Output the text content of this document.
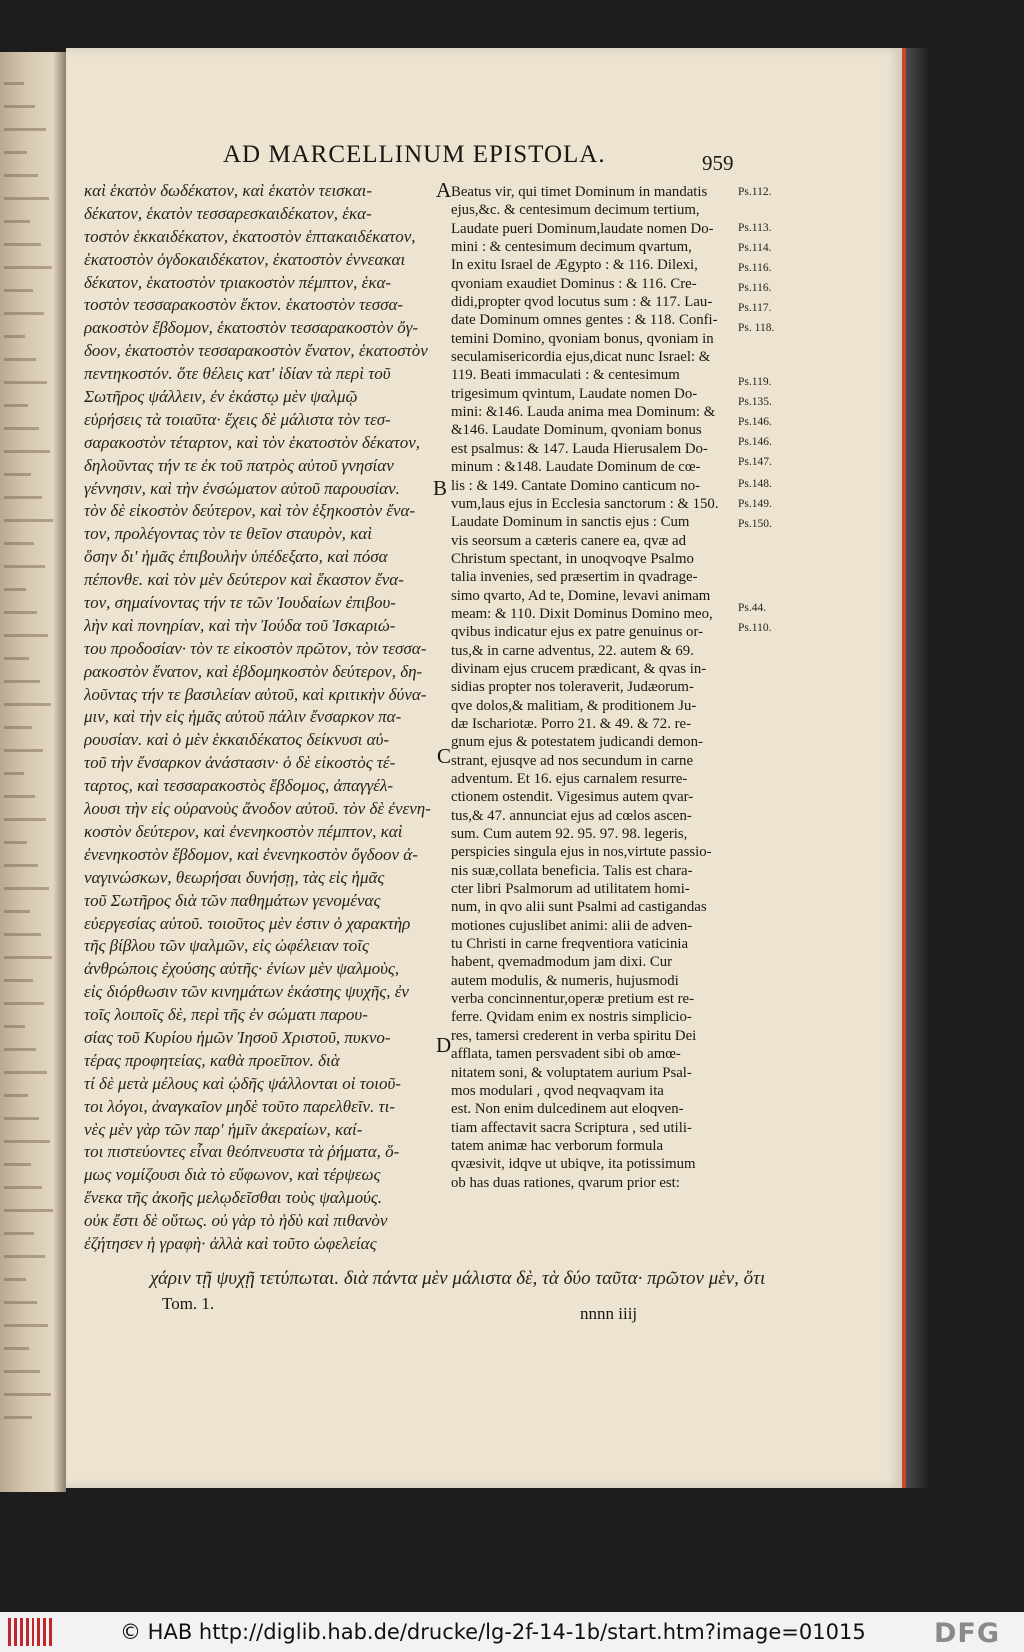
AD MARCELLINUM EPISTOLA.	959
καὶ ἑκατὸν δωδέκατον, καὶ ἑκατὸν τεισκαι-
δέκατον, ἑκατὸν τεσσαρεσκαιδέκατον, ἑκα-
τοστὸν ἑκκαιδέκατον, ἑκατοστὸν ἑπτακαιδέκατον,
ἑκατοστὸν ὀγδοκαιδέκατον, ἑκατοστὸν ἐννεακαι
δέκατον, ἑκατοστὸν τριακοστὸν πέμπτον, ἑκα-
τοστὸν τεσσαρακοστὸν ἕκτον. ἑκατοστὸν τεσσα-
ρακοστὸν ἕβδομον, ἑκατοστὸν τεσσαρακοστὸν ὄγ-
δοον, ἑκατοστὸν τεσσαρακοστὸν ἔνατον, ἑκατοστὸν
πεντηκοστόν. ὅτε θέλεις κατ' ἰδίαν τὰ περὶ τοῦ
Σωτῆρος ψάλλειν, ἐν ἑκάστῳ μὲν ψαλμῷ
εὑρήσεις τὰ τοιαῦτα· ἔχεις δὲ μάλιστα τὸν τεσ-
σαρακοστὸν τέταρτον, καὶ τὸν ἑκατοστὸν δέκατον,
δηλοῦντας τήν τε ἐκ τοῦ πατρὸς αὐτοῦ γνησίαν
γέννησιν, καὶ τὴν ἐνσώματον αὐτοῦ παρουσίαν.
τὸν δὲ εἰκοστὸν δεύτερον, καὶ τὸν ἑξηκοστὸν ἔνα-
τον, προλέγοντας τὸν τε θεῖον σταυρὸν, καὶ
ὅσην δι' ἡμᾶς ἐπιβουλὴν ὑπέδεξατο, καὶ πόσα
πέπονθε. καὶ τὸν μὲν δεύτερον καὶ ἕκαστον ἔνα-
τον, σημαίνοντας τήν τε τῶν Ἰουδαίων ἐπιβου-
λὴν καὶ πονηρίαν, καὶ τὴν Ἰούδα τοῦ Ἰσκαριώ-
του προδοσίαν· τὸν τε εἰκοστὸν πρῶτον, τὸν τεσσα-
ρακοστὸν ἔνατον, καὶ ἑβδομηκοστὸν δεύτερον, δη-
λοῦντας τήν τε βασιλείαν αὐτοῦ, καὶ κριτικὴν δύνα-
μιν, καὶ τὴν εἰς ἡμᾶς αὐτοῦ πάλιν ἔνσαρκον πα-
ρουσίαν. καὶ ὁ μὲν ἑκκαιδέκατος δείκνυσι αὐ-
τοῦ τὴν ἔνσαρκον ἀνάστασιν· ὁ δὲ εἰκοστὸς τέ-
ταρτος, καὶ τεσσαρακοστὸς ἕβδομος, ἀπαγγέλ-
λουσι τὴν εἰς οὐρανοὺς ἄνοδον αὐτοῦ. τὸν δὲ ἐνενη-
κοστὸν δεύτερον, καὶ ἐνενηκοστὸν πέμπτον, καὶ
ἐνενηκοστὸν ἕβδομον, καὶ ἐνενηκοστὸν ὄγδοον ἀ-
ναγινώσκων, θεωρήσαι δυνήσῃ, τὰς εἰς ἡμᾶς
τοῦ Σωτῆρος διὰ τῶν παθημάτων γενομένας
εὐεργεσίας αὐτοῦ. τοιοῦτος μὲν ἐστιν ὁ χαρακτὴρ
τῆς βίβλου τῶν ψαλμῶν, εἰς ὠφέλειαν τοῖς
ἀνθρώποις ἐχούσης αὐτῆς· ἐνίων μὲν ψαλμοὺς,
εἰς διόρθωσιν τῶν κινημάτων ἑκάστης ψυχῆς, ἐν
τοῖς λοιποῖς δὲ, περὶ τῆς ἐν σώματι παρου-
σίας τοῦ Κυρίου ἡμῶν Ἰησοῦ Χριστοῦ, πυκνο-
τέρας προφητείας, καθὰ προεῖπον. διὰ
τί δὲ μετὰ μέλους καὶ ᾠδῆς ψάλλονται οἱ τοιοῦ-
τοι λόγοι, ἀναγκαῖον μηδὲ τοῦτο παρελθεῖν. τι-
νὲς μὲν γὰρ τῶν παρ' ἡμῖν ἀκεραίων, καί-
τοι πιστεύοντες εἶναι θεόπνευστα τὰ ῥήματα, ὅ-
μως νομίζουσι διὰ τὸ εὔφωνον, καὶ τέρψεως
ἕνεκα τῆς ἀκοῆς μελῳδεῖσθαι τοὺς ψαλμούς.
οὐκ ἔστι δὲ οὕτως. οὐ γὰρ τὸ ἡδὺ καὶ πιθανὸν
ἐζήτησεν ἡ γραφὴ· ἀλλὰ καὶ τοῦτο ὠφελείας
Beatus vir, qui timet Dominum in mandatis
ejus,&c. & centesimum decimum tertium,
Laudate pueri Dominum,laudate nomen Do-
mini : & centesimum decimum qvartum,
In exitu Israel de Ægypto : & 116. Dilexi,
qvoniam exaudiet Dominus : & 116. Cre-
didi,propter qvod locutus sum : & 117. Lau-
date Dominum omnes gentes : & 118. Confi-
temini Domino, qvoniam bonus, qvoniam in
seculamisericordia ejus,dicat nunc Israel: &
119. Beati immaculati : & centesimum
trigesimum qvintum, Laudate nomen Do-
mini: &146. Lauda anima mea Dominum: &
&146. Laudate Dominum, qvoniam bonus
est psalmus: & 147. Lauda Hierusalem Do-
minum : &148. Laudate Dominum de cœ-
lis : & 149. Cantate Domino canticum no-
vum,laus ejus in Ecclesia sanctorum : & 150.
Laudate Dominum in sanctis ejus : Cum
vis seorsum a cæteris canere ea, qvæ ad
Christum spectant, in unoqvoqve Psalmo
talia invenies, sed præsertim in qvadrage-
simo qvarto, Ad te, Domine, levavi animam
meam: & 110. Dixit Dominus Domino meo,
qvibus indicatur ejus ex patre genuinus or-
tus,& in carne adventus, 22. autem & 69.
divinam ejus crucem prædicant, & qvas in-
sidias propter nos toleraverit, Judæorum-
qve dolos,& malitiam, & proditionem Ju-
dæ Ischariotæ. Porro 21. & 49. & 72. re-
gnum ejus & potestatem judicandi demon-
strant, ejusqve ad nos secundum in carne
adventum. Et 16. ejus carnalem resurre-
ctionem ostendit. Vigesimus autem qvar-
tus,& 47. annunciat ejus ad cœlos ascen-
sum. Cum autem 92. 95. 97. 98. legeris,
perspicies singula ejus in nos,virtute passio-
nis suæ,collata beneficia. Talis est chara-
cter libri Psalmorum ad utilitatem homi-
num, in qvo alii sunt Psalmi ad castigandas
motiones cujuslibet animi: alii de adven-
tu Christi in carne freqventiora vaticinia
habent, qvemadmodum jam dixi. Cur
autem modulis, & numeris, hujusmodi
verba concinnentur,operæ pretium est re-
ferre. Qvidam enim ex nostris simplicio-
res, tamersi crederent in verba spiritu Dei
afflata, tamen persvadent sibi ob amœ-
nitatem soni, & voluptatem aurium Psal-
mos modulari , qvod neqvaqvam ita
est. Non enim dulcedinem aut eloqven-
tiam affectavit sacra Scriptura , sed utili-
tatem animæ hac verborum formula
qvæsivit, idqve ut ubiqve, ita potissimum
ob has duas rationes, qvarum prior est:
Ps.112.
Ps.113.
Ps.114.
Ps.116.
Ps.116.
Ps.117.
Ps. 118.
Ps.119.
Ps.135.
Ps.146.
Ps.146.
Ps.147.
Ps.148.
Ps.149.
Ps.150.
Ps.44.
Ps.110.
A
B
C
D
χάριν τῇ ψυχῇ τετύπωται. διὰ πάντα μὲν μάλιστα δὲ, τὰ δύο ταῦτα· πρῶτον μὲν, ὅτι
Tom. 1.
nnnn iiij
© HAB http://diglib.hab.de/drucke/lg-2f-14-1b/start.htm?image=01015	DFG
